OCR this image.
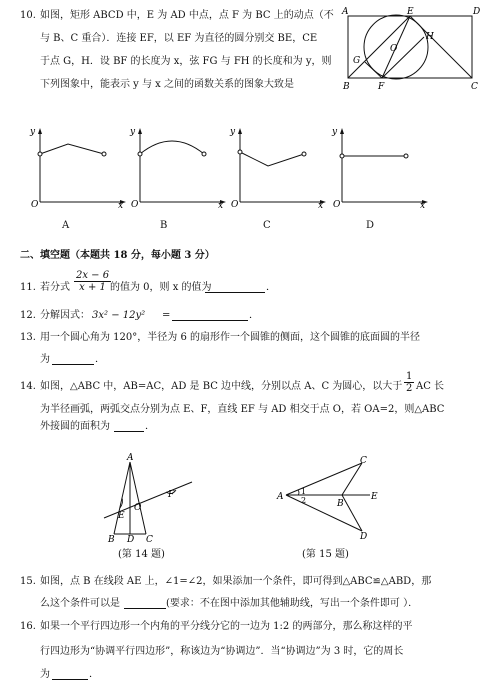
10. 如图，矩形 ABCD 中，E 为 AD 中点，点 F 为 BC 上的动点（不
与 B、C 重合）．连接 EF，以 EF 为直径的圆分别交 BE，CE
于点 G，H．设 BF 的长度为 x，弦 FG 与 FH 的长度和为 y，则
下列图象中，能表示 y 与 x 之间的函数关系的图象大致是
A	E	D
O
H
G
B	F	C
y
O	x
A
y
O	x
B
y
O	x
C
y
O	x
D
二、填空题（本题共 18 分，每小题 3 分）
11. 若分式 $\frac{2x - 6}{x + 1}$
的值为 0，则 x 的值为	．
12. 分解因式： 3x² − 12y² =	．
13. 用一个圆心角为 120°，半径为 6 的扇形作一个圆锥的侧面，这个圆锥的底面圆的半径
为	．
14. 如图，△ABC 中，AB=AC，AD 是 BC 边中线，分别以点 A、C 为圆心，以大于 $\frac{1}{2}$ AC 长
为半径画弧，两弧交点分别为点 E、F，直线 EF 与 AD 相交于点 O，若 OA=2，则△ABC
外接圆的面积为	．
A
F
E
O
B D C
(第 14 题)
C
A
1
2	B
E
D
(第 15 题)
15. 如图，点 B 在线段 AE 上，∠1=∠2，如果添加一个条件，即可得到△ABC≌△ABD，那
么这个条件可以是	(要求：不在图中添加其他辅助线，写出一个条件即可 ）．
16. 如果一个平行四边形一个内角的平分线分它的一边为 1:2 的两部分，那么称这样的平
行四边形为“协调平行四边形”，称该边为“协调边”．当“协调边”为 3 时，它的周长
为	．
